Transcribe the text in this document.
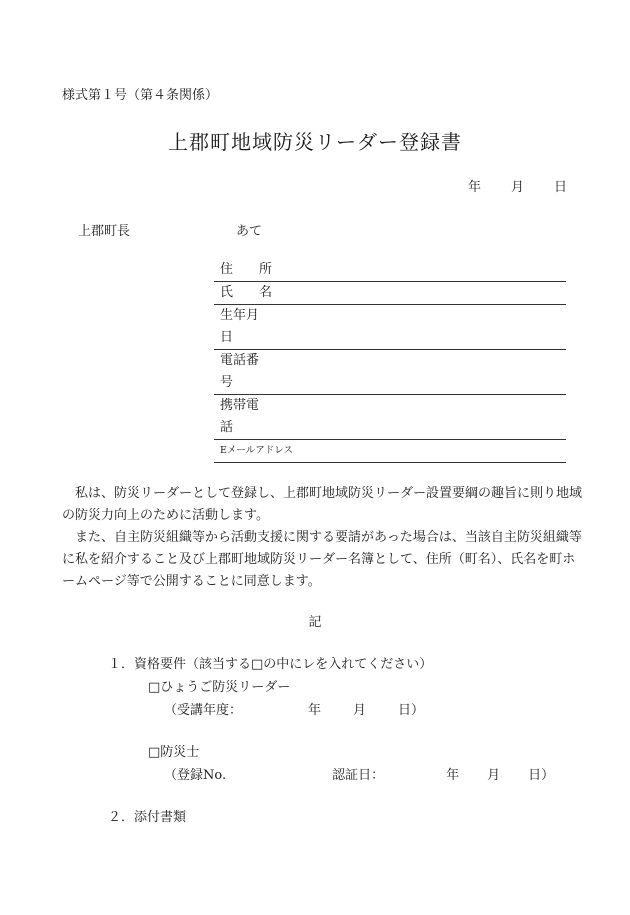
様式第１号（第４条関係）
上郡町地域防災リーダー登録書
年 月 日
上郡町長	あて
住　　所
氏　　名
生年月
日
電話番
号
携帯電
話
Eメールアドレス

　私は、防災リーダーとして登録し、上郡町地域防災リーダー設置要綱の趣旨に則り地域の防災力向上のために活動します。

　また、自主防災組織等から活動支援に関する要請があった場合は、当該自主防災組織等に私を紹介すること及び上郡町地域防災リーダー名簿として、住所（町名）、氏名を町ホームページ等で公開することに同意します。

記
１．資格要件（該当する□の中にレを入れてください）
□ひょうご防災リーダー
（受講年度：	年 月 日）
□防災士
（登録No.	認証日：	年 月 日）
２．添付書類
